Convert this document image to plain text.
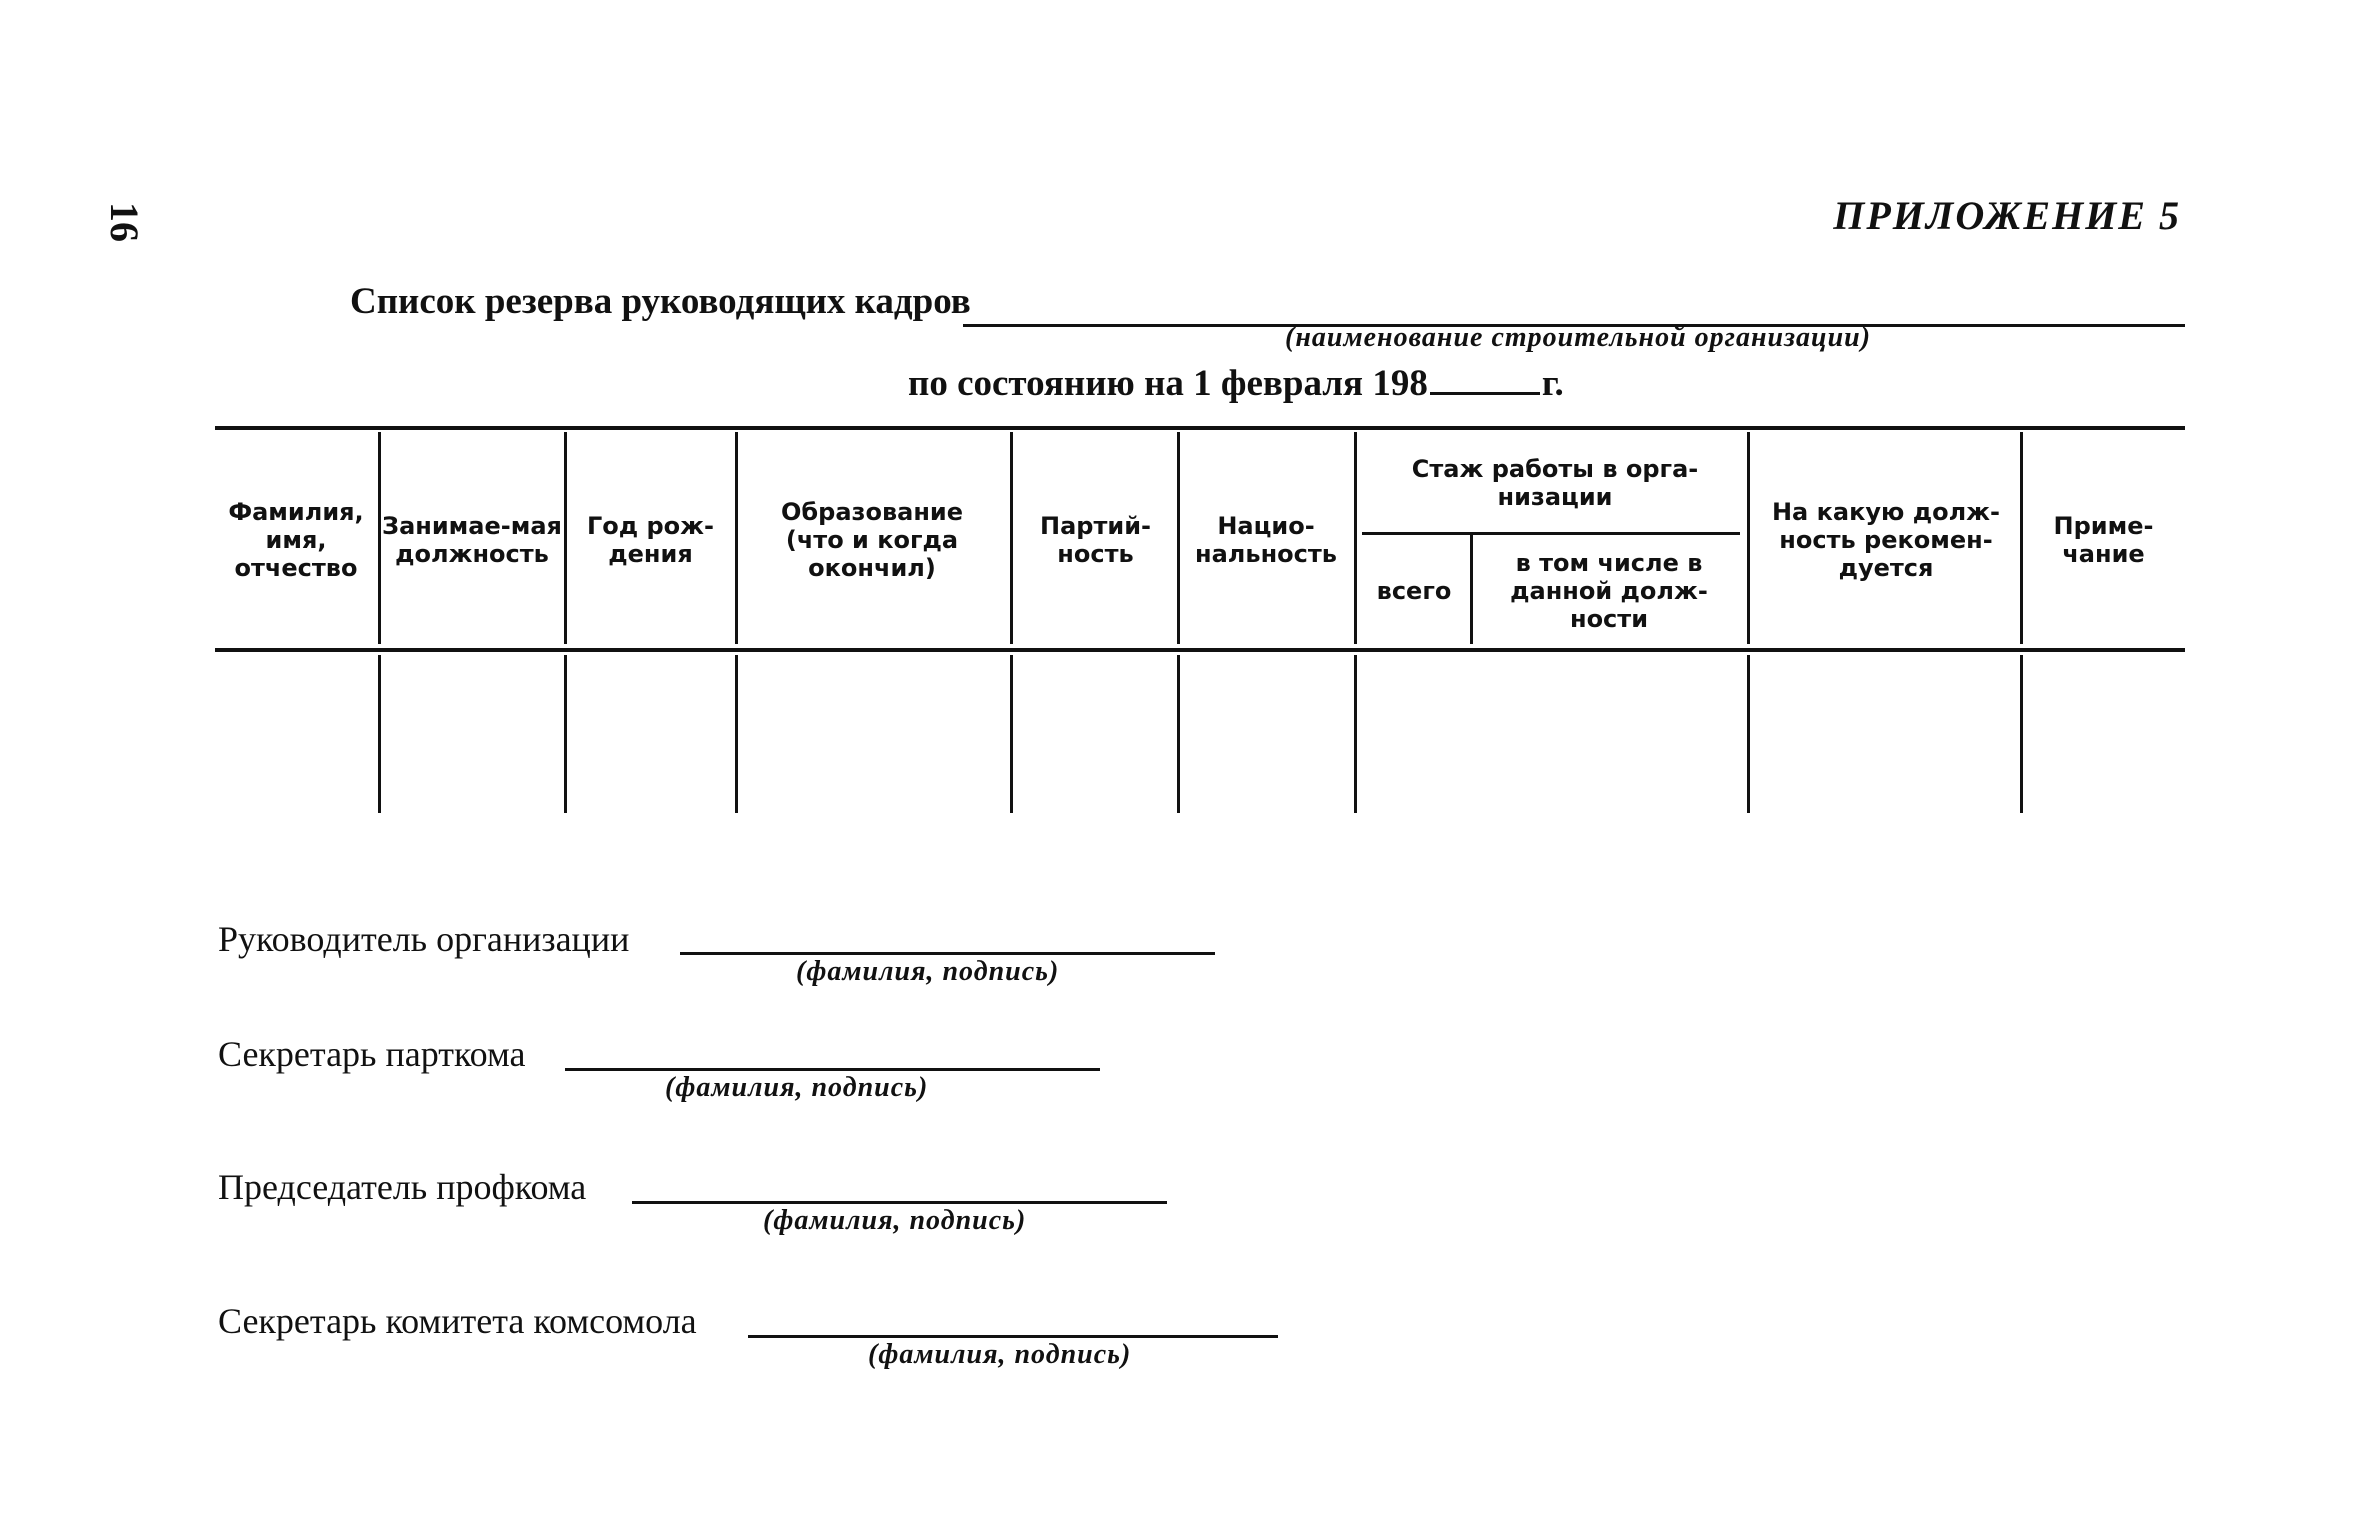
16	ПРИЛОЖЕНИЕ 5
Список резерва руководящих кадров
(наименование строительной организации)
по состоянию на 1 февраля 198	г.
Фамилия, имя, отчество
Занимае-мая должность
Год рож-дения
Образование (что и когда окончил)
Партий-ность
Нацио-нальность
Стаж работы в орга-низации
всего
в том числе в данной долж-ности
На какую долж-ность рекомен-дуется
Приме-чание
Руководитель организации
(фамилия, подпись)
Секретарь парткома
(фамилия, подпись)
Председатель профкома
(фамилия, подпись)
Секретарь комитета комсомола
(фамилия, подпись)
